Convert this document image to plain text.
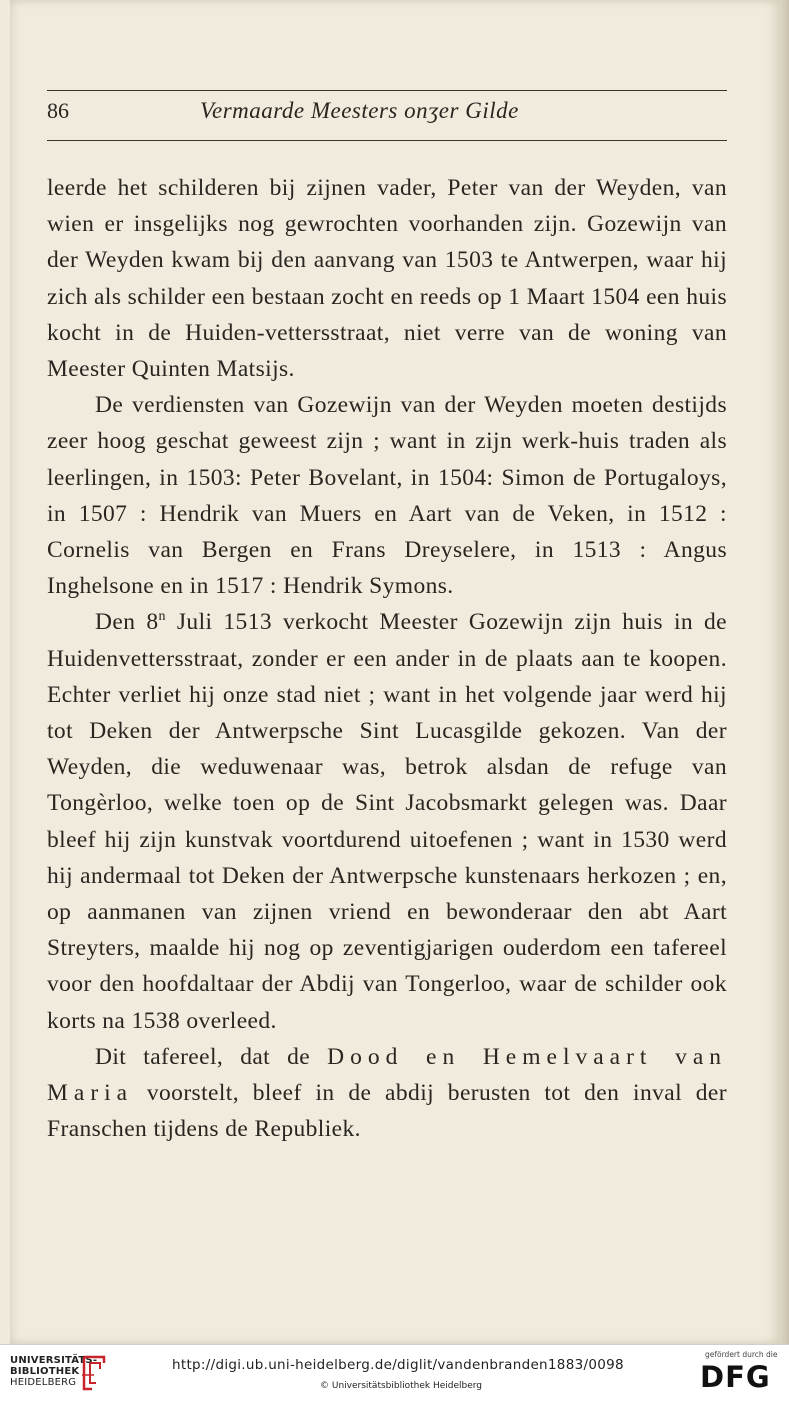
86	Vermaarde Meesters onʒer Gilde

leerde het schilderen bij zijnen vader, Peter van der Weyden, van wien er insgelijks nog gewrochten voorhanden zijn. Gozewijn van der Weyden kwam bij den aanvang van 1503 te Antwerpen, waar hij zich als schilder een bestaan zocht en reeds op 1 Maart 1504 een huis kocht in de Huiden-vettersstraat, niet verre van de woning van Meester Quinten Matsijs.

De verdiensten van Gozewijn van der Weyden moeten destijds zeer hoog geschat geweest zijn ; want in zijn werk-huis traden als leerlingen, in 1503: Peter Bovelant, in 1504: Simon de Portugaloys, in 1507 : Hendrik van Muers en Aart van de Veken, in 1512 : Cornelis van Bergen en Frans Dreyselere, in 1513 : Angus Inghelsone en in 1517 : Hendrik Symons.

Den 8$^n$ Juli 1513 verkocht Meester Gozewijn zijn huis in de Huidenvettersstraat, zonder er een ander in de plaats aan te koopen. Echter verliet hij onze stad niet ; want in het volgende jaar werd hij tot Deken der Antwerpsche Sint Lucasgilde gekozen. Van der Weyden, die weduwenaar was, betrok alsdan de refuge van Tongèrloo, welke toen op de Sint Jacobsmarkt gelegen was. Daar bleef hij zijn kunstvak voortdurend uitoefenen ; want in 1530 werd hij andermaal tot Deken der Antwerpsche kunstenaars herkozen ; en, op aanmanen van zijnen vriend en bewonderaar den abt Aart Streyters, maalde hij nog op zeventigjarigen ouderdom een tafereel voor den hoofdaltaar der Abdij van Tongerloo, waar de schilder ook korts na 1538 overleed.

Dit tafereel, dat de Dood en Hemelvaart van Maria voorstelt, bleef in de abdij berusten tot den inval der Franschen tijdens de Republiek.

UNIVERSITÄTS-
BIBLIOTHEK
HEIDELBERG
http://digi.ub.uni-heidelberg.de/diglit/vandenbranden1883/0098
© Universitätsbibliothek Heidelberg
gefördert durch die
DFG
